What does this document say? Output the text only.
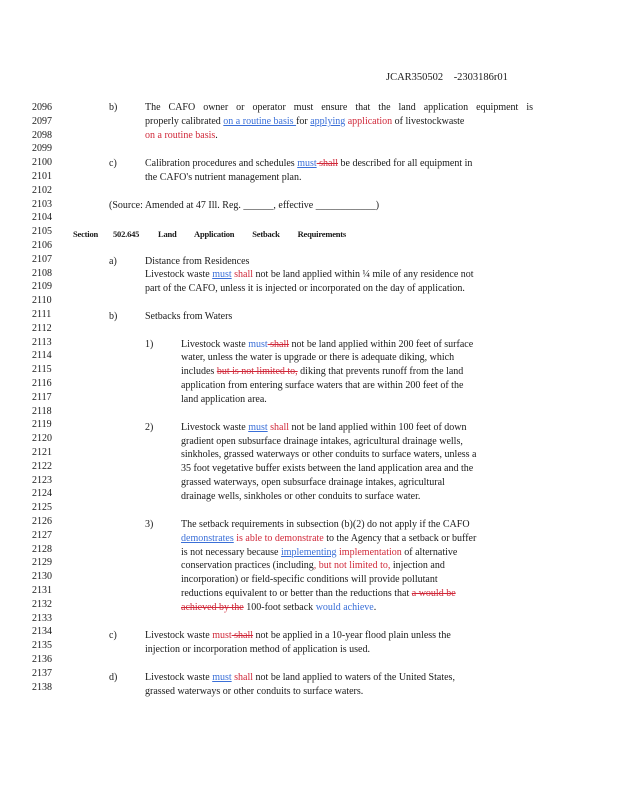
JCAR350502 -2303186r01
2096
2097
2098
2099
2100
2101
2102
2103
2104
2105
2106
2107
2108
2109
2110
2111
2112
2113
2114
2115
2116
2117
2118
2119
2120
2121
2122
2123
2124
2125
2126
2127
2128
2129
2130
2131
2132
2133
2134
2135
2136
2137
2138
b)	The CAFO owner or operator must ensure that the land application equipment is
properly calibrated on a routine basis for applying application of livestockwaste
on a routine basis.
c)	Calibration procedures and schedules must shall be described for all equipment in
the CAFO's nutrient management plan.
(Source: Amended at 47 Ill. Reg. ______, effective ____________)
Section 502.645 Land Application Setback Requirements
a)	Distance from Residences
Livestock waste must shall not be land applied within ¼ mile of any residence not
part of the CAFO, unless it is injected or incorporated on the day of application.
b)	Setbacks from Waters
1)	Livestock waste must shall not be land applied within 200 feet of surface
water, unless the water is upgrade or there is adequate diking, which
includes but is not limited to, diking that prevents runoff from the land
application from entering surface waters that are within 200 feet of the
land application area.
2)	Livestock waste must shall not be land applied within 100 feet of down
gradient open subsurface drainage intakes, agricultural drainage wells,
sinkholes, grassed waterways or other conduits to surface waters, unless a
35 foot vegetative buffer exists between the land application area and the
grassed waterways, open subsurface drainage intakes, agricultural
drainage wells, sinkholes or other conduits to surface water.
3)	The setback requirements in subsection (b)(2) do not apply if the CAFO
demonstrates is able to demonstrate to the Agency that a setback or buffer
is not necessary because implementing implementation of alternative
conservation practices (including, but not limited to, injection and
incorporation) or field-specific conditions will provide pollutant
reductions equivalent to or better than the reductions that a would be
achieved by the 100-foot setback would achieve.
c)	Livestock waste must shall not be applied in a 10-year flood plain unless the
injection or incorporation method of application is used.
d)	Livestock waste must shall not be land applied to waters of the United States,
grassed waterways or other conduits to surface waters.
